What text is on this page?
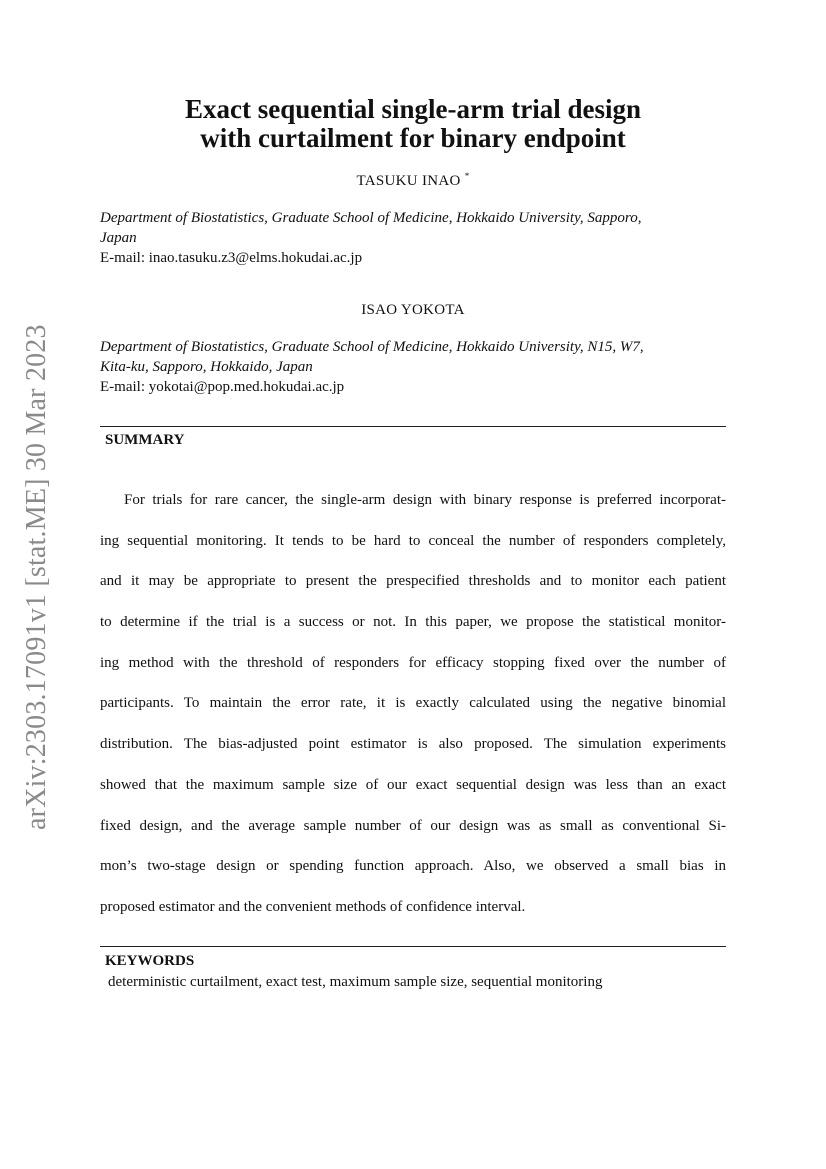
arXiv:2303.17091v1 [stat.ME] 30 Mar 2023
Exact sequential single-arm trial design
with curtailment for binary endpoint
TASUKU INAO *
Department of Biostatistics, Graduate School of Medicine, Hokkaido University, Sapporo,
Japan
E-mail: inao.tasuku.z3@elms.hokudai.ac.jp
ISAO YOKOTA
Department of Biostatistics, Graduate School of Medicine, Hokkaido University, N15, W7,
Kita-ku, Sapporo, Hokkaido, Japan
E-mail: yokotai@pop.med.hokudai.ac.jp
SUMMARY
For trials for rare cancer, the single-arm design with binary response is preferred incorporat-
ing sequential monitoring. It tends to be hard to conceal the number of responders completely,
and it may be appropriate to present the prespecified thresholds and to monitor each patient
to determine if the trial is a success or not. In this paper, we propose the statistical monitor-
ing method with the threshold of responders for efficacy stopping fixed over the number of
participants. To maintain the error rate, it is exactly calculated using the negative binomial
distribution. The bias-adjusted point estimator is also proposed. The simulation experiments
showed that the maximum sample size of our exact sequential design was less than an exact
fixed design, and the average sample number of our design was as small as conventional Si-
mon’s two-stage design or spending function approach. Also, we observed a small bias in
proposed estimator and the convenient methods of confidence interval.
KEYWORDS
deterministic curtailment, exact test, maximum sample size, sequential monitoring
